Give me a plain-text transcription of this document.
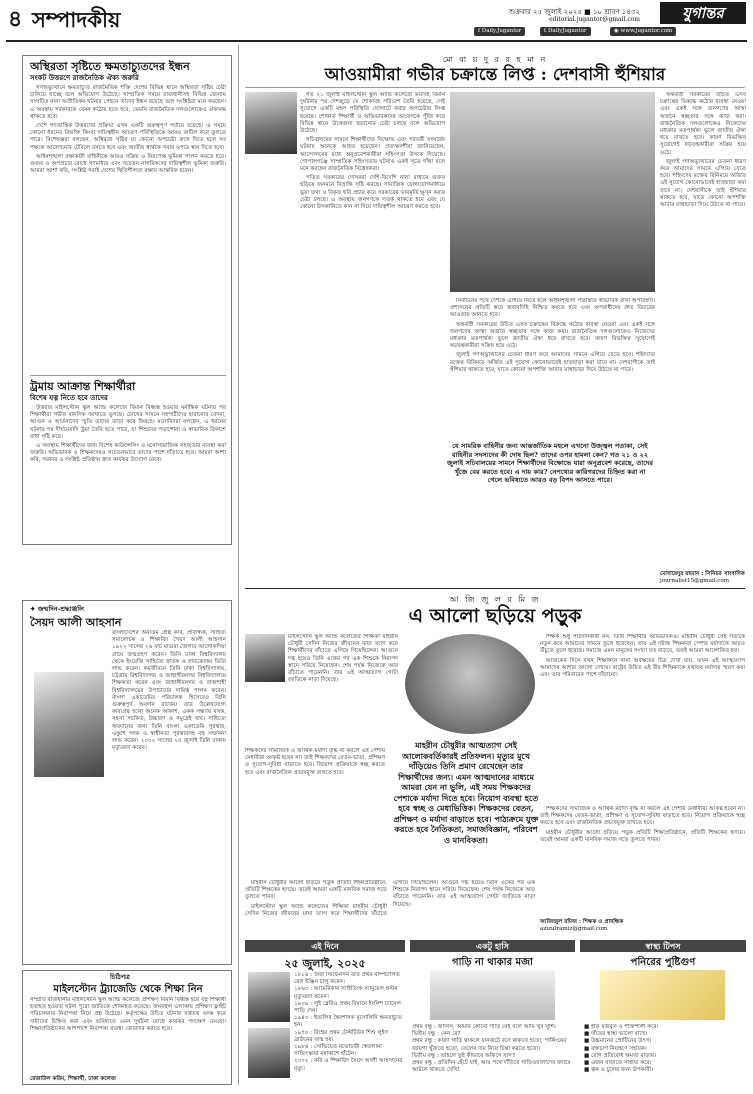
৪ সম্পাদকীয়	শুক্রবার ২৫ জুলাই ২০২৫ ■ ১০ শ্রাবণ ১৪৩২
editorial.jugantor@gmail.com	যুগান্তর
f Daily.Jugantor	t DailyJugantor	◉ www.jugantor.com
অস্থিরতা সৃষ্টিতে ক্ষমতাচ্যুতদের ইন্ধন
সংকট উত্তরণে রাজনৈতিক ঐক্য জরুরি

গণঅভ্যুত্থানে ক্ষমতাচ্যুত রাজনৈতিক শক্তি দেশের বিভিন্ন স্থানে অস্থিরতা সৃষ্টির চেষ্টা চালিয়ে যাচ্ছে বলে অভিযোগ উঠেছে। সাম্প্রতিক সময়ে রাজধানীসহ বিভিন্ন জেলায় সংঘটিত নানা অপ্রীতিকর ঘটনার পেছনে তাদের ইন্ধন রয়েছে বলে সংশ্লিষ্টরা মনে করছেন। এ অবস্থায় সরকারকে যেমন কঠোর হতে হবে, তেমনি রাজনৈতিক দলগুলোকেও ঐক্যবদ্ধ থাকতে হবে।

দেশে গণতান্ত্রিক উত্তরণের প্রক্রিয়া এখন একটি গুরুত্বপূর্ণ পর্যায়ে রয়েছে। এ সময়ে কোনো ধরনের বিভক্তি কিংবা দায়িত্বহীন আচরণ পরিস্থিতিকে আরও জটিল করে তুলতে পারে। বিশেষজ্ঞরা বলছেন, অস্থিরতা সৃষ্টির যে কোনো অপচেষ্টা রুখে দিতে হলে সব পক্ষকে আলোচনার টেবিলে বসতে হবে এবং জাতীয় স্বার্থকে সবার ওপরে স্থান দিতে হবে।

আইনশৃঙ্খলা রক্ষাকারী বাহিনীকে আরও সক্রিয় ও নিরপেক্ষ ভূমিকা পালন করতে হবে। গুজব ও অপপ্রচার রোধে গণমাধ্যম এবং সচেতন নাগরিকদের দায়িত্বশীল ভূমিকা জরুরি। আমরা আশা করি, সংশ্লিষ্ট সবাই দেশের স্থিতিশীলতা রক্ষায় আন্তরিক হবেন।

ট্রমায় আক্রান্ত শিক্ষার্থীরা
বিশেষ যত্ন নিতে হবে তাদের

উত্তরার মাইলস্টোন স্কুল অ্যান্ড কলেজে বিমান বিধ্বস্ত হওয়ার মর্মান্তিক ঘটনার পর শিক্ষার্থীরা গভীর মানসিক আঘাতে ভুগছে। চোখের সামনে সহপাঠীদের হারানোর বেদনা, আগুন ও আর্তনাদের স্মৃতি তাদের তাড়া করে ফিরছে। মনোবিদরা বলছেন, এ ধরনের ঘটনার পর দীর্ঘমেয়াদি ট্রমা তৈরি হতে পারে, যা শিশুদের পড়াশোনা ও স্বাভাবিক বিকাশে বাধা সৃষ্টি করে।

এ অবস্থায় শিক্ষার্থীদের জন্য বিশেষ কাউন্সেলিং ও মনোসামাজিক সহায়তার ব্যবস্থা করা জরুরি। অভিভাবক ও শিক্ষকদেরও সচেতনভাবে তাদের পাশে দাঁড়াতে হবে। আমরা আশা করি, সরকার ও সংশ্লিষ্ট প্রতিষ্ঠান দ্রুত কার্যকর উদ্যোগ নেবে।

✦ জন্মদিন-শ্রদ্ধাঞ্জলি
সৈয়দ আলী আহসান
বাংলাদেশের অন্যতম শ্রেষ্ঠ কবি, প্রাবন্ধিক, সাহিত্য সমালোচক ও শিক্ষাবিদ সৈয়দ আলী আহসান ১৯২২ সালের ২৬ মার্চ মাগুরা জেলার আলোকদিয়া গ্রামে জন্মগ্রহণ করেন। তিনি ঢাকা বিশ্ববিদ্যালয় থেকে ইংরেজি সাহিত্যে স্নাতক ও স্নাতকোত্তর ডিগ্রি লাভ করেন। কর্মজীবনে তিনি ঢাকা বিশ্ববিদ্যালয়, চট্টগ্রাম বিশ্ববিদ্যালয় ও জাহাঙ্গীরনগর বিশ্ববিদ্যালয়ে শিক্ষকতা করেন এবং জাহাঙ্গীরনগর ও রাজশাহী বিশ্ববিদ্যালয়ের উপাচার্যের দায়িত্ব পালন করেন। বাংলা একাডেমির পরিচালক হিসেবেও তিনি গুরুত্বপূর্ণ অবদান রাখেন। তার উল্লেখযোগ্য কাব্যগ্রন্থ হলো অনেক আকাশ, একক সন্ধ্যায় বসন্ত, সহসা সচকিত, উচ্চারণ ও সমুদ্রেই যাব। সাহিত্যে অবদানের জন্য তিনি বাংলা একাডেমি পুরস্কার, একুশে পদক ও স্বাধীনতা পুরস্কারসহ বহু সম্মাননা লাভ করেন। ২০০২ সালের ২৫ জুলাই তিনি ঢাকায় মৃত্যুবরণ করেন।
চিঠিপত্র
মাইলস্টোন ট্র্যাজেডি থেকে শিক্ষা নিন
সম্প্রতি রাজধানীর মাইলস্টোন স্কুল অ্যান্ড কলেজে প্রশিক্ষণ বিমান বিধ্বস্ত হয়ে বহু শিক্ষার্থী হতাহত হওয়ার ঘটনা পুরো জাতিকে শোকাহত করেছে। জনবহুল এলাকায় প্রশিক্ষণ ফ্লাইট পরিচালনার নিরাপত্তা নিয়ে প্রশ্ন উঠেছে। কর্তৃপক্ষের উচিত ঘটনার যথাযথ তদন্ত করে দায়ীদের চিহ্নিত করা এবং ভবিষ্যতে এমন দুর্ঘটনা রোধে কার্যকর পদক্ষেপ নেওয়া। শিক্ষাপ্রতিষ্ঠানের আশপাশে নিরাপত্তা ব্যবস্থা জোরদার করতে হবে।
রেজাউল করিম, শিক্ষার্থী, ঢাকা কলেজ
মো বা য় দু র র হ মা ন
আওয়ামীরা গভীর চক্রান্তে লিপ্ত : দেশবাসী হুঁশিয়ার

গত ২১ জুলাই মাইলস্টোন স্কুল অ্যান্ড কলেজে ভয়াবহ বিমান দুর্ঘটনার পর দেশজুড়ে যে শোকাবহ পরিবেশ তৈরি হয়েছে, সেই সুযোগে একটি মহল পরিস্থিতি ঘোলাটে করার অপচেষ্টায় লিপ্ত হয়েছে। শোকার্ত শিক্ষার্থী ও অভিভাবকদের আবেগকে পুঁজি করে বিভিন্ন স্থানে উত্তেজনা ছড়ানোর চেষ্টা চলছে বলে অভিযোগ উঠেছে।

সচিবালয়ের সামনে শিক্ষার্থীদের বিক্ষোভ এবং পরবর্তী সংঘর্ষের ঘটনায় অনেকে আহত হয়েছেন। প্রত্যক্ষদর্শীরা জানিয়েছেন, আন্দোলনের মধ্যে অনুপ্রবেশকারীরা সহিংসতা উসকে দিয়েছে। গোপালগঞ্জে সাম্প্রতিক সহিংসতার ঘটনাও একই সূত্রে গাঁথা বলে মনে করছেন রাজনৈতিক বিশ্লেষকরা।

পতিত সরকারের দোসররা দেশি-বিদেশি নানা মাধ্যমে গুজব ছড়িয়ে জনমনে বিভ্রান্তি সৃষ্টি করছে। সামাজিক যোগাযোগমাধ্যমে ভুয়া তথ্য ও বিকৃত ছবি প্রচার করে সরকারের ভাবমূর্তি ক্ষুণ্ন করার চেষ্টা চলছে। এ অবস্থায় জনগণকে সতর্ক থাকতে হবে এবং যে কোনো উসকানিতে কান না দিয়ে দায়িত্বশীল আচরণ করতে হবে।

অন্তর্বর্তী সরকারের উচিত এসব চক্রান্তের বিরুদ্ধে কঠোর ব্যবস্থা নেওয়া এবং একই সঙ্গে জনগণের আস্থা অর্জনে স্বচ্ছতার সঙ্গে কাজ করা। রাজনৈতিক দলগুলোকেও নিজেদের মধ্যকার মতপার্থক্য ভুলে জাতীয় ঐক্য ধরে রাখতে হবে। কারণ বিভক্তির সুযোগেই ষড়যন্ত্রকারীরা সক্রিয় হয়ে ওঠে।

জুলাই গণঅভ্যুত্থানের চেতনা ধারণ করে আমাদের সামনে এগিয়ে যেতে হবে। শহিদদের রক্তের বিনিময়ে অর্জিত এই সুযোগ কোনোভাবেই হাতছাড়া করা যাবে না। দেশবাসীকে তাই হুঁশিয়ার থাকতে হবে, যাতে কোনো অপশক্তি আবার মাথাচাড়া দিয়ে উঠতে না পারে।

নির্বাচনের পথে দেশকে এগিয়ে নিতে হলে আইনশৃঙ্খলা পরিস্থিতি স্বাভাবিক রাখা অপরিহার্য। প্রশাসনের প্রতিটি স্তরে জবাবদিহি নিশ্চিত করতে হবে এবং অপরাধীদের দ্রুত বিচারের আওতায় আনতে হবে।

অন্তর্বর্তী সরকারের উচিত এসব চক্রান্তের বিরুদ্ধে কঠোর ব্যবস্থা নেওয়া এবং একই সঙ্গে জনগণের আস্থা অর্জনে স্বচ্ছতার সঙ্গে কাজ করা। রাজনৈতিক দলগুলোকেও নিজেদের মধ্যকার মতপার্থক্য ভুলে জাতীয় ঐক্য ধরে রাখতে হবে। কারণ বিভক্তির সুযোগেই ষড়যন্ত্রকারীরা সক্রিয় হয়ে ওঠে।

জুলাই গণঅভ্যুত্থানের চেতনা ধারণ করে আমাদের সামনে এগিয়ে যেতে হবে। শহিদদের রক্তের বিনিময়ে অর্জিত এই সুযোগ কোনোভাবেই হাতছাড়া করা যাবে না। দেশবাসীকে তাই হুঁশিয়ার থাকতে হবে, যাতে কোনো অপশক্তি আবার মাথাচাড়া দিয়ে উঠতে না পারে।

যে সামরিক বাহিনীর জন্য আন্তর্জাতিক মহলে এখনো উজ্জ্বল পতাকা, সেই বাহিনীর সদস্যদের কী দোষ ছিল? তাদের ওপর হামলা কেন? গত ২১ ও ২২ জুলাই সচিবালয়ের সামনে শিক্ষার্থীদের বিক্ষোভে যারা অনুপ্রবেশ করেছে, তাদের খুঁজে বের করতে হবে। এ দায় কার? নেপথ্যের কারিগরদের চিহ্নিত করা না গেলে ভবিষ্যতে আরও বড় বিপদ আসতে পারে।
মোবায়েদুর রহমান : সিনিয়র সাংবাদিক
journalist15@gmail.com
আ জি জু ল র মি জ
এ আলো ছড়িয়ে পড়ুক
মাইলস্টোন স্কুল অ্যান্ড কলেজের শিক্ষিকা মাহরীন চৌধুরী সেদিন নিজের জীবনের মায়া ত্যাগ করে শিক্ষার্থীদের বাঁচাতে এগিয়ে গিয়েছিলেন। আগুনে দগ্ধ হয়েও তিনি একের পর এক শিশুকে নিরাপদ স্থানে সরিয়ে নিয়েছেন। শেষ পর্যন্ত নিজেকে আর বাঁচাতে পারেননি। তার এই আত্মত্যাগ গোটা জাতিকে নাড়া দিয়েছে।

শিক্ষক শুধু পাঠদানকারী নন, তিনি শিক্ষার্থীর অভিভাবকও। মাহরীন চৌধুরী সেই সত্যকে নতুন করে আমাদের সামনে তুলে ধরেছেন। তার এই দৃষ্টান্ত শিক্ষকতা পেশার মর্যাদাকে আরও উঁচুতে তুলে ধরেছে। সমাজে এমন মানুষের সংখ্যা যত বাড়বে, ততই আমরা আলোকিত হব।

আজকের দিনে যখন শিক্ষাঙ্গনে নানা অবক্ষয়ের চিত্র দেখা যায়, তখন এই আত্মত্যাগ আমাদের আশার আলো দেখায়। রাষ্ট্রের উচিত এই বীর শিক্ষিকাকে যথাযথ মর্যাদায় স্মরণ করা এবং তার পরিবারের পাশে দাঁড়ানো।

মাহরীন চৌধুরীর আত্মত্যাগ সেই আলোকবর্তিকারই প্রতিফলন। মৃত্যুর মুখে দাঁড়িয়েও তিনি প্রমাণ রেখেছেন তার শিক্ষার্থীদের জন্য। এমন আত্মদানের মাধ্যমে আমরা যেন না ভুলি, এই সময় শিক্ষকদের পেশাকে মর্যাদা দিতে হবে। নিয়োগ ব্যবস্থা হতে হবে স্বচ্ছ ও মেধাভিত্তিক। শিক্ষকদের বেতন, প্রশিক্ষণ ও মর্যাদা বাড়াতে হবে। পাঠ্যক্রমে যুক্ত করতে হবে নৈতিকতা, সমাজবিজ্ঞান, পরিবেশ ও মানবিকতা।
শিক্ষকদের সামাজিক ও আর্থিক মর্যাদা বৃদ্ধি না করলে এই পেশায় মেধাবীরা আকৃষ্ট হবেন না। তাই শিক্ষকদের বেতন-ভাতা, প্রশিক্ষণ ও সুযোগ-সুবিধা বাড়াতে হবে। নিয়োগ প্রক্রিয়াকে স্বচ্ছ করতে হবে এবং রাজনৈতিক প্রভাবমুক্ত রাখতে হবে।

মাহরীন চৌধুরীর আলো ছড়িয়ে পড়ুক প্রতিটি শিক্ষাপ্রতিষ্ঠানে, প্রতিটি শিক্ষকের হৃদয়ে। তবেই আমরা একটি মানবিক সমাজ গড়ে তুলতে পারব।

মাইলস্টোন স্কুল অ্যান্ড কলেজের শিক্ষিকা মাহরীন চৌধুরী সেদিন নিজের জীবনের মায়া ত্যাগ করে শিক্ষার্থীদের বাঁচাতে এগিয়ে গিয়েছিলেন। আগুনে দগ্ধ হয়েও তিনি একের পর এক শিশুকে নিরাপদ স্থানে সরিয়ে নিয়েছেন। শেষ পর্যন্ত নিজেকে আর বাঁচাতে পারেননি। তার এই আত্মত্যাগ গোটা জাতিকে নাড়া দিয়েছে।

শিক্ষকদের সামাজিক ও আর্থিক মর্যাদা বৃদ্ধি না করলে এই পেশায় মেধাবীরা আকৃষ্ট হবেন না। তাই শিক্ষকদের বেতন-ভাতা, প্রশিক্ষণ ও সুযোগ-সুবিধা বাড়াতে হবে। নিয়োগ প্রক্রিয়াকে স্বচ্ছ করতে হবে এবং রাজনৈতিক প্রভাবমুক্ত রাখতে হবে।

মাহরীন চৌধুরীর আলো ছড়িয়ে পড়ুক প্রতিটি শিক্ষাপ্রতিষ্ঠানে, প্রতিটি শিক্ষকের হৃদয়ে। তবেই আমরা একটি মানবিক সমাজ গড়ে তুলতে পারব।

আজিজুল রমিজ : শিক্ষক ও প্রাবন্ধিক
azizulramiz@gmail.com
এই দিনে	একটু হাসি	স্বাস্থ্য টিপস
২৫ জুলাই, ২০২৫
১৮১৪ : জর্জ স্টিফেনসন তার প্রথম বাষ্পচালিত রেল ইঞ্জিন চালু করেন।
১৮৬৩ : আমেরিকান সাহিত্যিক স্যামুয়েল হুস্টন মৃত্যুবরণ করেন।
১৯০৯ : লুই ব্লেরিও প্রথম বিমানে ইংলিশ চ্যানেল পাড়ি দেন।
১৯৪৩ : ইতালির স্বৈরশাসক মুসোলিনি ক্ষমতাচ্যুত হন।
১৯৭৮ : বিশ্বের প্রথম টেস্টটিউব শিশু লুইস ব্রাউনের জন্ম হয়।
১৯৮৪ : সোভিয়েত নভোচারী স্বেতলানা সাভিৎস্কায়া মহাকাশে হাঁটেন।
২০০২ : কবি ও শিক্ষাবিদ সৈয়দ আলী আহসানের মৃত্যু।
গাড়ি না থাকার মজা
প্রথম বন্ধু : জানিস, আমার কোনো গাড়ি নেই বলে আমি খুব খুশি।
দ্বিতীয় বন্ধু : কেন রে?
প্রথম বন্ধু : কারণ গাড়ি থাকলে যানজটে বসে থাকতে হতো, পার্কিংয়ের জায়গা খুঁজতে হতো, তেলের দাম নিয়ে চিন্তা করতে হতো।
দ্বিতীয় বন্ধু : তাহলে তুই কীভাবে অফিসে যাস?
প্রথম বন্ধু : প্রতিদিন হেঁটে যাই, আর পথে দাঁড়িয়ে গাড়িওয়ালাদের জ্যামে আটকে থাকতে দেখি!
পনিরের পুষ্টিগুণ
■ হাড় মজবুত ও শক্তিশালী করে।
■ দাঁতের স্বাস্থ্য ভালো রাখে।
■ উচ্চমানের প্রোটিনের উৎস।
■ রক্তচাপ নিয়ন্ত্রণে সহায়ক।
■ রোগ প্রতিরোধ ক্ষমতা বাড়ায়।
■ ওজন বাড়াতে সাহায্য করে।
■ ত্বক ও চুলের জন্য উপকারী।
